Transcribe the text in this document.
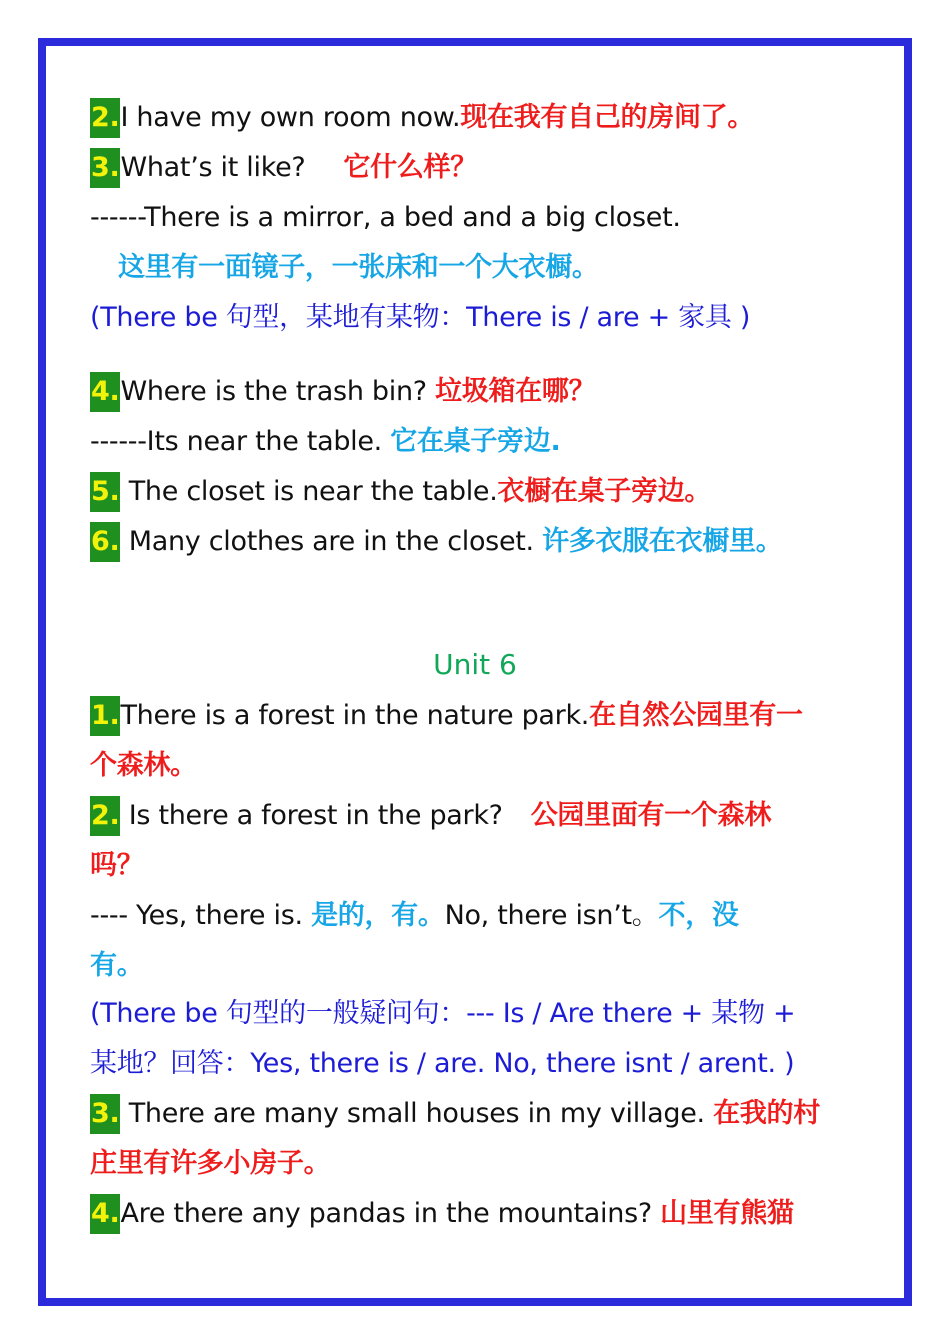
2.I have my own room now.现在我有自己的房间了。
3.What’s it like? 它什么样？
------There is a mirror, a bed and a big closet.
这里有一面镜子，一张床和一个大衣橱。
(There be 句型，某地有某物：There is / are + 家具 )
4.Where is the trash bin? 垃圾箱在哪？
------Its near the table. 它在桌子旁边.
5. The closet is near the table.衣橱在桌子旁边。
6. Many clothes are in the closet. 许多衣服在衣橱里。
Unit 6
1.There is a forest in the nature park.在自然公园里有一
个森林。
2. Is there a forest in the park? 公园里面有一个森林
吗？
---- Yes, there is. 是的，有。No, there isn’t。不，没
有。
(There be 句型的一般疑问句：--- Is / Are there + 某物 +
某地？回答：Yes, there is / are. No, there isnt / arent. )
3. There are many small houses in my village. 在我的村
庄里有许多小房子。
4.Are there any pandas in the mountains? 山里有熊猫
